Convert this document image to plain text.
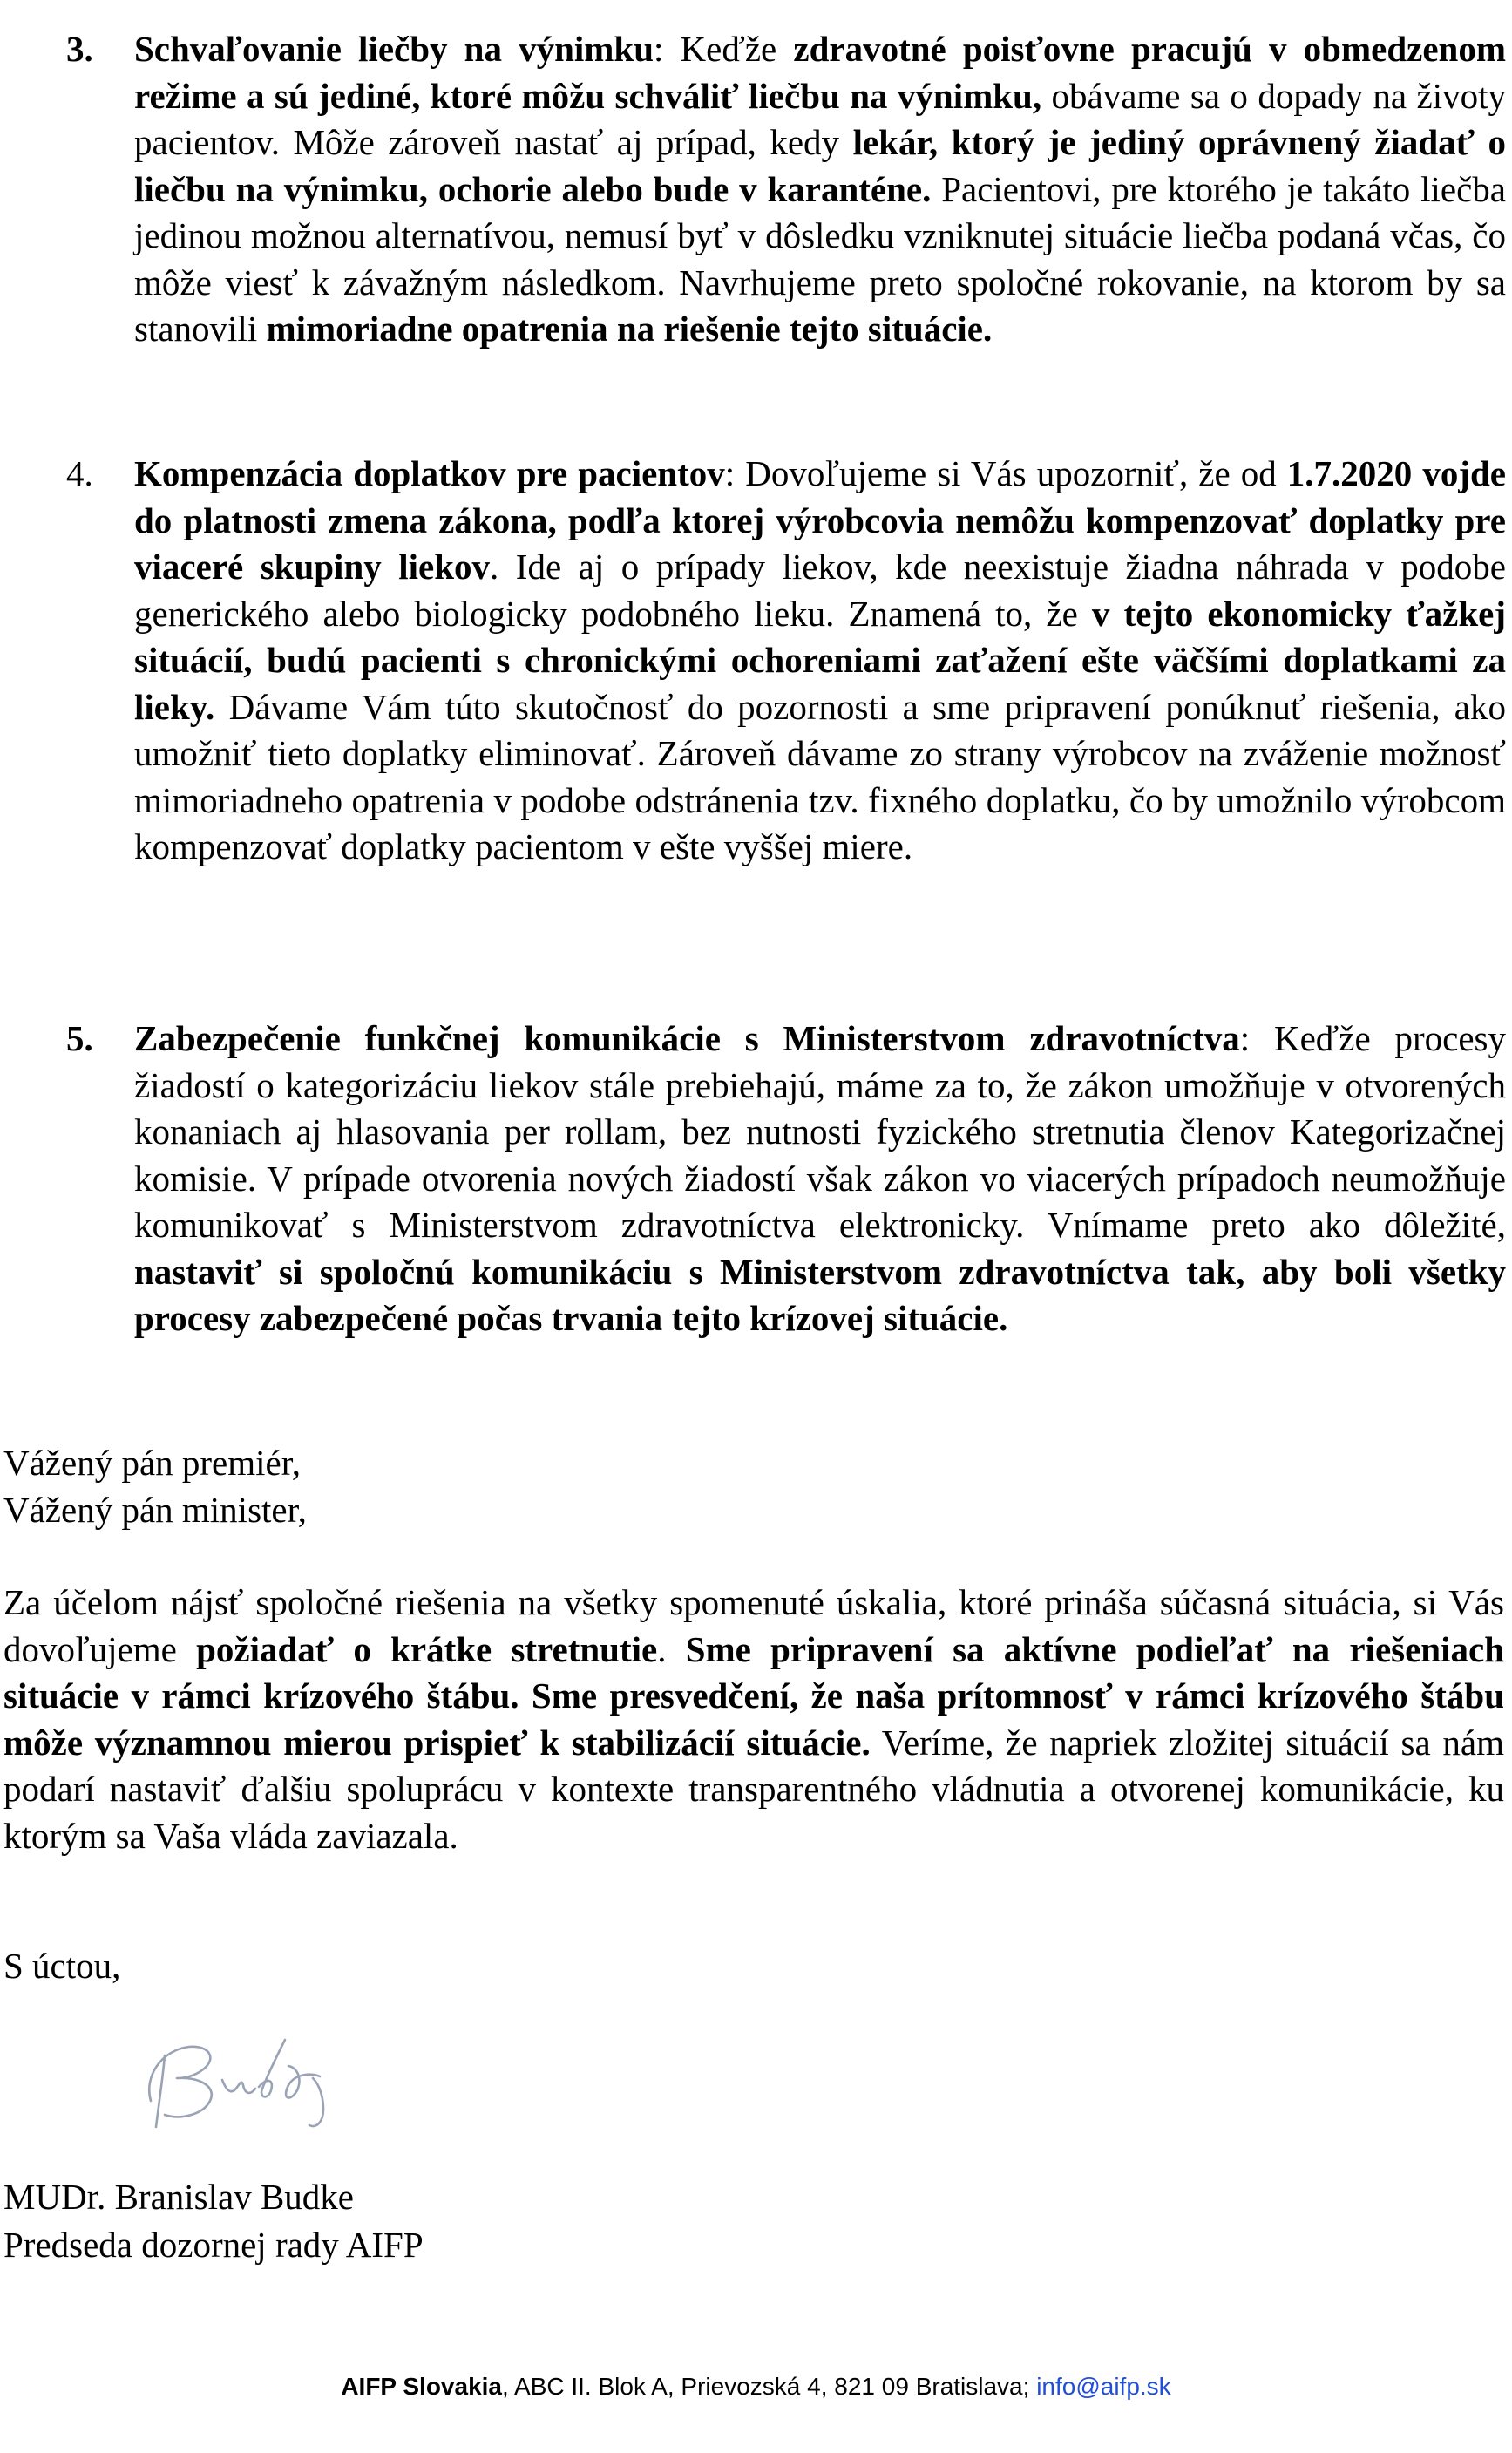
3. Schvaľovanie liečby na výnimku: Keďže zdravotné poisťovne pracujú v obmedzenom režime a sú jediné, ktoré môžu schváliť liečbu na výnimku, obávame sa o dopady na životy pacientov. Môže zároveň nastať aj prípad, kedy lekár, ktorý je jediný oprávnený žiadať o liečbu na výnimku, ochorie alebo bude v karanténe. Pacientovi, pre ktorého je takáto liečba jedinou možnou alternatívou, nemusí byť v dôsledku vzniknutej situácie liečba podaná včas, čo môže viesť k závažným následkom. Navrhujeme preto spoločné rokovanie, na ktorom by sa stanovili mimoriadne opatrenia na riešenie tejto situácie.
4. Kompenzácia doplatkov pre pacientov: Dovoľujeme si Vás upozorniť, že od 1.7.2020 vojde do platnosti zmena zákona, podľa ktorej výrobcovia nemôžu kompenzovať doplatky pre viaceré skupiny liekov. Ide aj o prípady liekov, kde neexistuje žiadna náhrada v podobe generického alebo biologicky podobného lieku. Znamená to, že v tejto ekonomicky ťažkej situácií, budú pacienti s chronickými ochoreniami zaťažení ešte väčšími doplatkami za lieky. Dávame Vám túto skutočnosť do pozornosti a sme pripravení ponúknuť riešenia, ako umožniť tieto doplatky eliminovať. Zároveň dávame zo strany výrobcov na zváženie možnosť mimoriadneho opatrenia v podobe odstránenia tzv. fixného doplatku, čo by umožnilo výrobcom kompenzovať doplatky pacientom v ešte vyššej miere.
5. Zabezpečenie funkčnej komunikácie s Ministerstvom zdravotníctva: Keďže procesy žiadostí o kategorizáciu liekov stále prebiehajú, máme za to, že zákon umožňuje v otvorených konaniach aj hlasovania per rollam, bez nutnosti fyzického stretnutia členov Kategorizačnej komisie. V prípade otvorenia nových žiadostí však zákon vo viacerých prípadoch neumožňuje komunikovať s Ministerstvom zdravotníctva elektronicky. Vnímame preto ako dôležité, nastaviť si spoločnú komunikáciu s Ministerstvom zdravotníctva tak, aby boli všetky procesy zabezpečené počas trvania tejto krízovej situácie.
Vážený pán premiér,
Vážený pán minister,
Za účelom nájsť spoločné riešenia na všetky spomenuté úskalia, ktoré prináša súčasná situácia, si Vás dovoľujeme požiadať o krátke stretnutie. Sme pripravení sa aktívne podieľať na riešeniach situácie v rámci krízového štábu. Sme presvedčení, že naša prítomnosť v rámci krízového štábu môže významnou mierou prispieť k stabilizácií situácie. Veríme, že napriek zložitej situácií sa nám podarí nastaviť ďalšiu spoluprácu v kontexte transparentného vládnutia a otvorenej komunikácie, ku ktorým sa Vaša vláda zaviazala.
S úctou,
MUDr. Branislav Budke
Predseda dozornej rady AIFP
AIFP Slovakia, ABC II. Blok A, Prievozská 4, 821 09 Bratislava; info@aifp.sk
